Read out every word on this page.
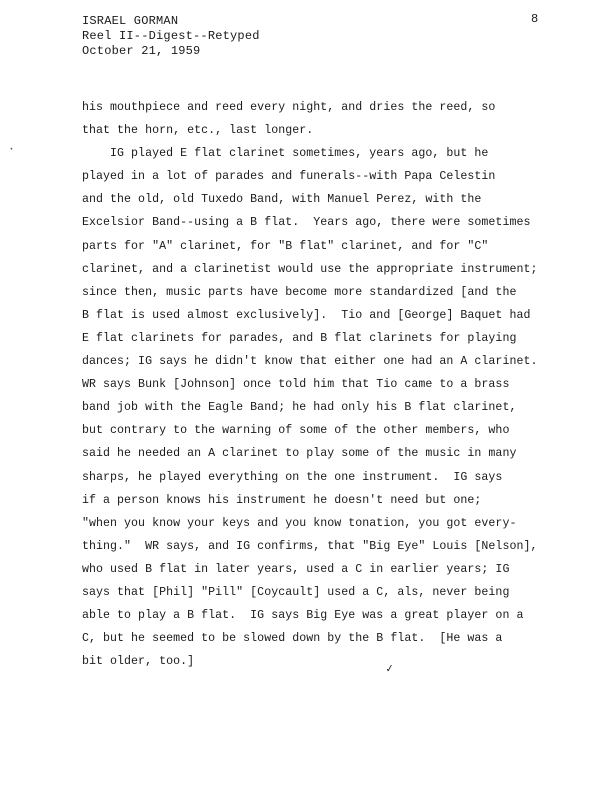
ISRAEL GORMAN
Reel II--Digest--Retyped
October 21, 1959
8
·
✓
his mouthpiece and reed every night, and dries the reed, so
that the horn, etc., last longer.
IG played E flat clarinet sometimes, years ago, but he
played in a lot of parades and funerals--with Papa Celestin
and the old, old Tuxedo Band, with Manuel Perez, with the
Excelsior Band--using a B flat.  Years ago, there were sometimes
parts for "A" clarinet, for "B flat" clarinet, and for "C"
clarinet, and a clarinetist would use the appropriate instrument;
since then, music parts have become more standardized [and the
B flat is used almost exclusively].  Tio and [George] Baquet had
E flat clarinets for parades, and B flat clarinets for playing
dances; IG says he didn't know that either one had an A clarinet.
WR says Bunk [Johnson] once told him that Tio came to a brass
band job with the Eagle Band; he had only his B flat clarinet,
but contrary to the warning of some of the other members, who
said he needed an A clarinet to play some of the music in many
sharps, he played everything on the one instrument.  IG says
if a person knows his instrument he doesn't need but one;
"when you know your keys and you know tonation, you got every-
thing."  WR says, and IG confirms, that "Big Eye" Louis [Nelson],
who used B flat in later years, used a C in earlier years; IG
says that [Phil] "Pill" [Coycault] used a C, als, never being
able to play a B flat.  IG says Big Eye was a great player on a
C, but he seemed to be slowed down by the B flat.  [He was a
bit older, too.]
